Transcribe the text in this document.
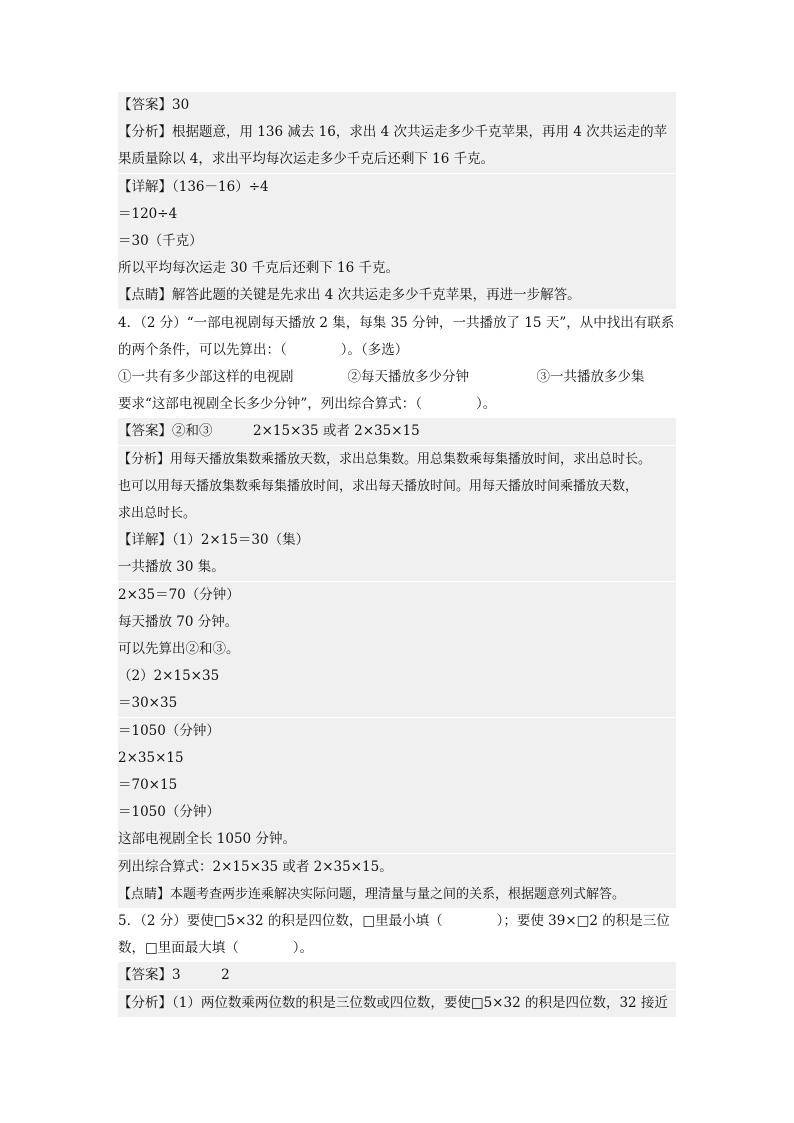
【答案】30
【分析】根据题意，用 136 减去 16，求出 4 次共运走多少千克苹果，再用 4 次共运走的苹
果质量除以 4，求出平均每次运走多少千克后还剩下 16 千克。
【详解】（136－16）÷4
＝120÷4
＝30（千克）
所以平均每次运走 30 千克后还剩下 16 千克。
【点睛】解答此题的关键是先求出 4 次共运走多少千克苹果，再进一步解答。
4．（2 分）“一部电视剧每天播放 2 集，每集 35 分钟，一共播放了 15 天”，从中找出有联系
的两个条件，可以先算出：（　　　　）。（多选）
①一共有多少部这样的电视剧　　　　②每天播放多少分钟　　　　　③一共播放多少集
要求“这部电视剧全长多少分钟”，列出综合算式：（　　　　）。
【答案】②和③　　　2×15×35 或者 2×35×15
【分析】用每天播放集数乘播放天数，求出总集数。用总集数乘每集播放时间，求出总时长。
也可以用每天播放集数乘每集播放时间，求出每天播放时间。用每天播放时间乘播放天数，
求出总时长。
【详解】（1）2×15＝30（集）
一共播放 30 集。
2×35＝70（分钟）
每天播放 70 分钟。
可以先算出②和③。
（2）2×15×35
＝30×35
＝1050（分钟）
2×35×15
＝70×15
＝1050（分钟）
这部电视剧全长 1050 分钟。
列出综合算式：2×15×35 或者 2×35×15。
【点睛】本题考查两步连乘解决实际问题，理清量与量之间的关系，根据题意列式解答。
5．（2 分）要使□5×32 的积是四位数，□里最小填（　　　　）；要使 39×□2 的积是三位
数，□里面最大填（　　　　）。
【答案】3　　　2
【分析】（1）两位数乘两位数的积是三位数或四位数，要使□5×32 的积是四位数，32 接近
